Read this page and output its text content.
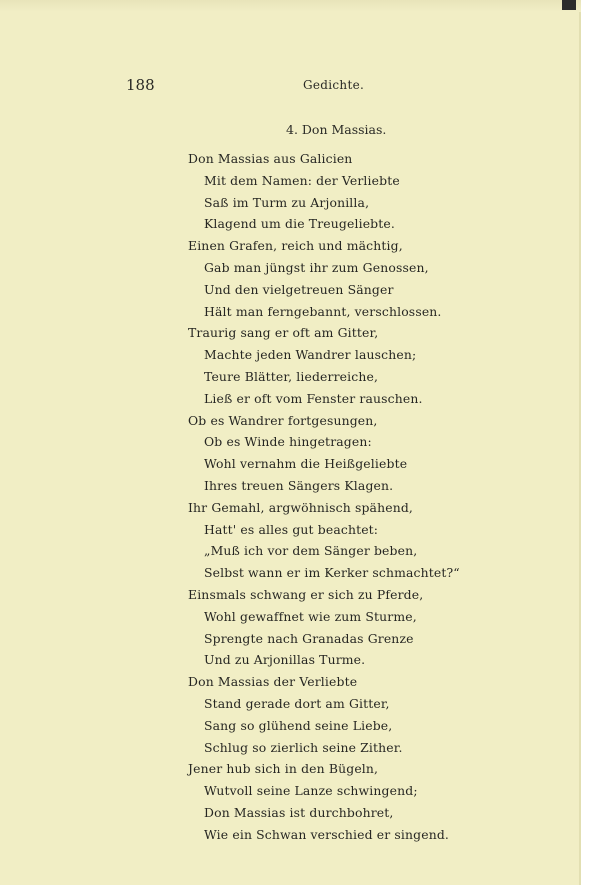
188	Gedichte.
4. Don Massias.
Don Massias aus Galicien
Mit dem Namen: der Verliebte
Saß im Turm zu Arjonilla,
Klagend um die Treugeliebte.
Einen Grafen, reich und mächtig,
Gab man jüngst ihr zum Genossen,
Und den vielgetreuen Sänger
Hält man ferngebannt, verschlossen.
Traurig sang er oft am Gitter,
Machte jeden Wandrer lauschen;
Teure Blätter, liederreiche,
Ließ er oft vom Fenster rauschen.
Ob es Wandrer fortgesungen,
Ob es Winde hingetragen:
Wohl vernahm die Heißgeliebte
Ihres treuen Sängers Klagen.
Ihr Gemahl, argwöhnisch spähend,
Hatt' es alles gut beachtet:
„Muß ich vor dem Sänger beben,
Selbst wann er im Kerker schmachtet?“
Einsmals schwang er sich zu Pferde,
Wohl gewaffnet wie zum Sturme,
Sprengte nach Granadas Grenze
Und zu Arjonillas Turme.
Don Massias der Verliebte
Stand gerade dort am Gitter,
Sang so glühend seine Liebe,
Schlug so zierlich seine Zither.
Jener hub sich in den Bügeln,
Wutvoll seine Lanze schwingend;
Don Massias ist durchbohret,
Wie ein Schwan verschied er singend.
